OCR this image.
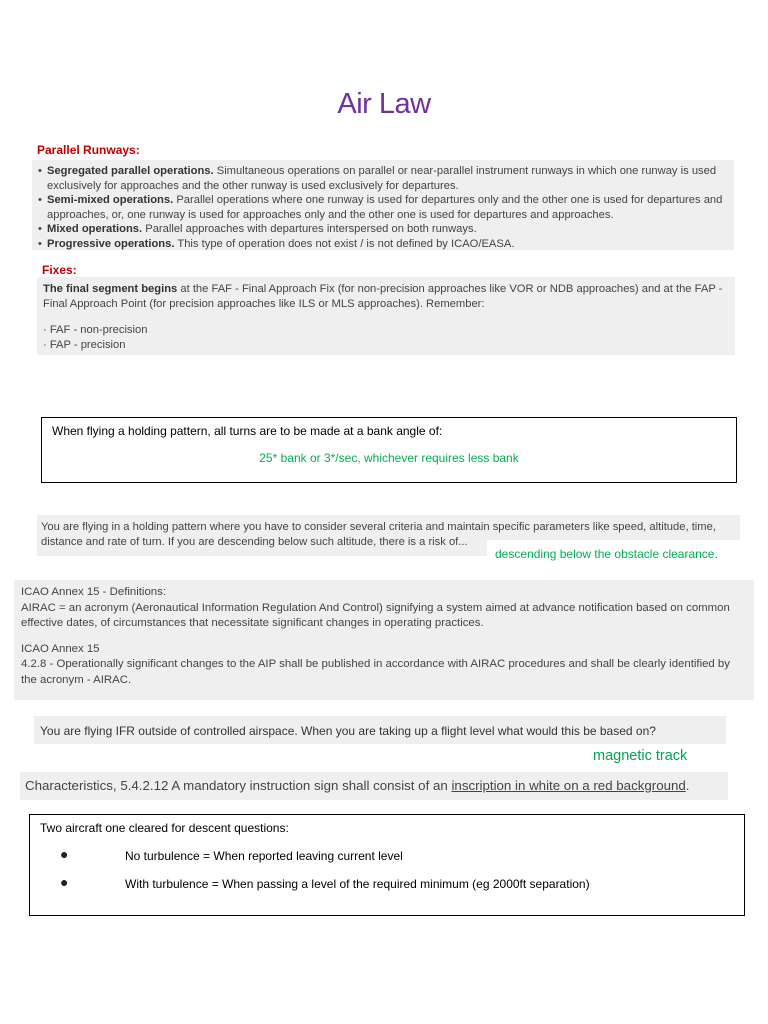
Air Law
Parallel Runways:
• Segregated parallel operations. Simultaneous operations on parallel or near-parallel instrument runways in which one runway is used exclusively for approaches and the other runway is used exclusively for departures.
• Semi-mixed operations. Parallel operations where one runway is used for departures only and the other one is used for departures and approaches, or, one runway is used for approaches only and the other one is used for departures and approaches.
• Mixed operations. Parallel approaches with departures interspersed on both runways.
• Progressive operations. This type of operation does not exist / is not defined by ICAO/EASA.
Fixes:
The final segment begins at the FAF - Final Approach Fix (for non-precision approaches like VOR or NDB approaches) and at the FAP - Final Approach Point (for precision approaches like ILS or MLS approaches). Remember:
· FAF - non-precision
· FAP - precision
When flying a holding pattern, all turns are to be made at a bank angle of:
25* bank or 3*/sec, whichever requires less bank
You are flying in a holding pattern where you have to consider several criteria and maintain specific parameters like speed, altitude, time, distance and rate of turn. If you are descending below such altitude, there is a risk of...
descending below the obstacle clearance.
ICAO Annex 15 - Definitions:
AIRAC = an acronym (Aeronautical Information Regulation And Control) signifying a system aimed at advance notification based on common effective dates, of circumstances that necessitate significant changes in operating practices.
ICAO Annex 15
4.2.8 - Operationally significant changes to the AIP shall be published in accordance with AIRAC procedures and shall be clearly identified by the acronym - AIRAC.
You are flying IFR outside of controlled airspace. When you are taking up a flight level what would this be based on?
magnetic track
Characteristics, 5.4.2.12 A mandatory instruction sign shall consist of an inscription in white on a red background.
Two aircraft one cleared for descent questions:
●	No turbulence = When reported leaving current level
●	With turbulence = When passing a level of the required minimum (eg 2000ft separation)
